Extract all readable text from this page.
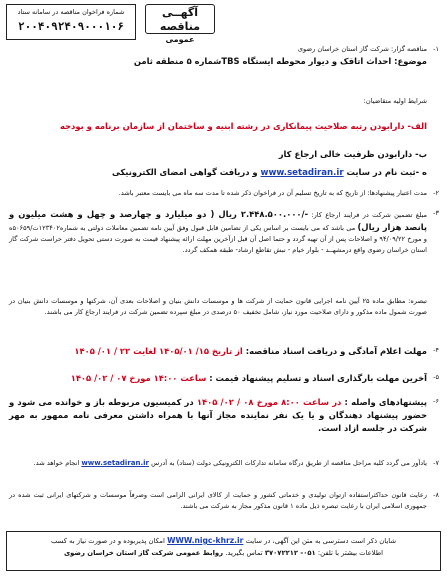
آگهــی مناقصه
عمومی
شماره فراخوان مناقصه در سامانه ستاد
۲۰۰۴۰۹۲۴۰۹۰۰۰۱۰۶
۱-
مناقصه گزار: شرکت گاز استان خراسان رضوی
موضوع: احداث اتاقک و دیوار محوطه ایستگاه TBSشماره ۵ منطقه ثامن
شرایط اولیه متقاضیان:
الف- دارابودن رتبه صلاحیت پیمانکاری در رشته ابنیه و ساختمان از سازمان برنامه و بودجه
ب- دارابودن ظرفیت خالی ارجاع کار
ه -ثبت نام در سایت www.setadiran.ir و دریافت گواهی امضای الکترونیکی
۲-
مدت اعتبار پیشنهادها: از تاریخ که به تاریخ تسلیم آن در فراخوان ذکر شده تا مدت سه ماه می بایست معتبر باشد.
۳-
مبلغ تضمین شرکت در فرایند ارجاع کار: -/۲.۴۴۸.۵۰۰.۰۰۰ ریال ( دو میلیارد و چهارصد و چهل و هشت میلیون و پانصد هزار ریال) می باشد که می بایست بر اساس یکی از تضامین قابل قبول وفق آیین نامه تضمین معاملات دولتی به شماره۱۲۳۴۰۲ت/۵۰۶۵۹ه و مورخ ۹۴/۰۹/۲۲ و اصلاحات پس از آن تهیه گردد و حتما اصل آن قبل ازآخرین مهلت ارائه پیشنهاد قیمت به صورت دستی تحویل دفتر حراست شرکت گاز استان خراسان رضوی واقع درمشهــد - بلوار خیام - نبش تقاطع ارشاد- طبقه همکف گردد.
تبصره: مطابق ماده ۲۵ آیین نامه اجرایی قانون حمایت از شرکت ها و موسسات دانش بنیان و اصلاحات بعدی آن، شرکتها و موسسات دانش بنیان در صورت شمول ماده مذکور و دارای صلاحیت مورد نیاز، شامل تخفیف ۵۰ درصدی در مبلغ سپرده تضمین شرکت در فرایند ارجاع کار می باشند.
۴-
مهلت اعلام آمادگی و دریافت اسناد مناقصه: از تاریخ ۱۵/ ۱۴۰۵/۰۱ لغایت ۲۲ / ۰۱/ ۱۴۰۵
۵-
آخرین مهلت بارگذاری اسناد و تسلیم پیشنهاد قیمت : ساعت ۱۴:۰۰ مورخ ۰۷ / ۰۲/ ۱۴۰۵
۶-
پیشنهادهای واصله : در ساعت ۸:۰۰ مورخ ۰۸ / ۰۲/ ۱۴۰۵ در کمیسیون مربوطه باز و خوانده می شود و حضور پیشنهاد دهندگان و یا یک نفر نماینده مجاز آنها با همراه داشتن معرفی نامه ممهور به مهر شرکت در جلسه ازاد است.
۷-
یادآور می گردد کلیه مراحل مناقصه از طریق درگاه سامانه تدارکات الکترونیکی دولت (ستاد) به آدرس www.setadiran.ir انجام خواهد شد.
۸-
رعایت قانون حداکثراستفاده ازتوان تولیدی و خدماتی کشور و حمایت از کالای ایرانی الزامی است وصرفاً موسسات و شرکتهای ایرانی ثبت شده در جمهوری اسلامی ایران با رعایت تبصره ذیل ماده ۱ قانون مذکور مجاز به شرکت می باشند.
شایان ذکر است دسترسی به متن این آگهی، در سایت WWW.nigc-khrz.ir امکان پذیربوده و در صورت نیاز به کسب
اطلاعات بیشتر با تلفن: ۰۵۱- ۳۷۰۷۲۲۱۲ تماس بگیرید. روابط عمومی شرکت گاز استان خراسان رضوی
